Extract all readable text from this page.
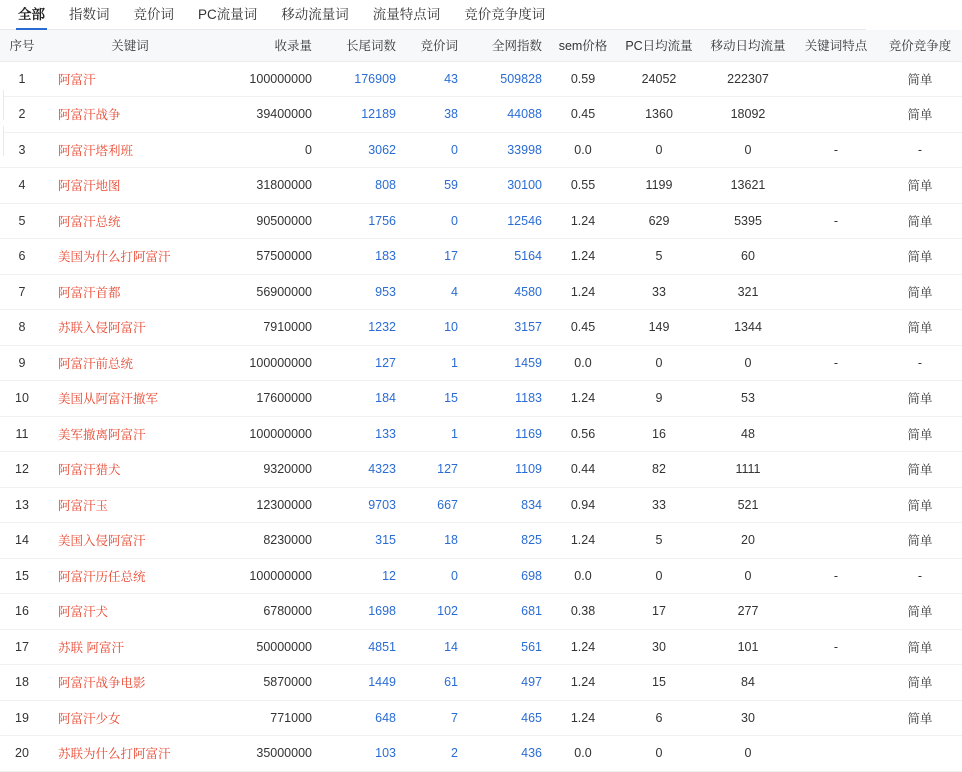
全部	指数词	竞价词	PC流量词	移动流量词	流量特点词	竞价竞争度词
序号	关键词	收录量	长尾词数	竞价词	全网指数	sem价格	PC日均流量	移动日均流量	关键词特点	竞价竞争度
1	阿富汗	100000000	176909	43	509828	0.59	24052	222307		简单
2	阿富汗战争	39400000	12189	38	44088	0.45	1360	18092		简单
3	阿富汗塔利班	0	3062	0	33998	0.0	0	0	-	-
4	阿富汗地图	31800000	808	59	30100	0.55	1199	13621		简单
5	阿富汗总统	90500000	1756	0	12546	1.24	629	5395	-	简单
6	美国为什么打阿富汗	57500000	183	17	5164	1.24	5	60		简单
7	阿富汗首都	56900000	953	4	4580	1.24	33	321		简单
8	苏联入侵阿富汗	7910000	1232	10	3157	0.45	149	1344		简单
9	阿富汗前总统	100000000	127	1	1459	0.0	0	0	-	-
10	美国从阿富汗撤军	17600000	184	15	1183	1.24	9	53		简单
11	美军撤离阿富汗	100000000	133	1	1169	0.56	16	48		简单
12	阿富汗猎犬	9320000	4323	127	1109	0.44	82	1111		简单
13	阿富汗玉	12300000	9703	667	834	0.94	33	521		简单
14	美国入侵阿富汗	8230000	315	18	825	1.24	5	20		简单
15	阿富汗历任总统	100000000	12	0	698	0.0	0	0	-	-
16	阿富汗犬	6780000	1698	102	681	0.38	17	277		简单
17	苏联 阿富汗	50000000	4851	14	561	1.24	30	101	-	简单
18	阿富汗战争电影	5870000	1449	61	497	1.24	15	84		简单
19	阿富汗少女	771000	648	7	465	1.24	6	30		简单
20	苏联为什么打阿富汗	35000000	103	2	436	0.0	0	0		
